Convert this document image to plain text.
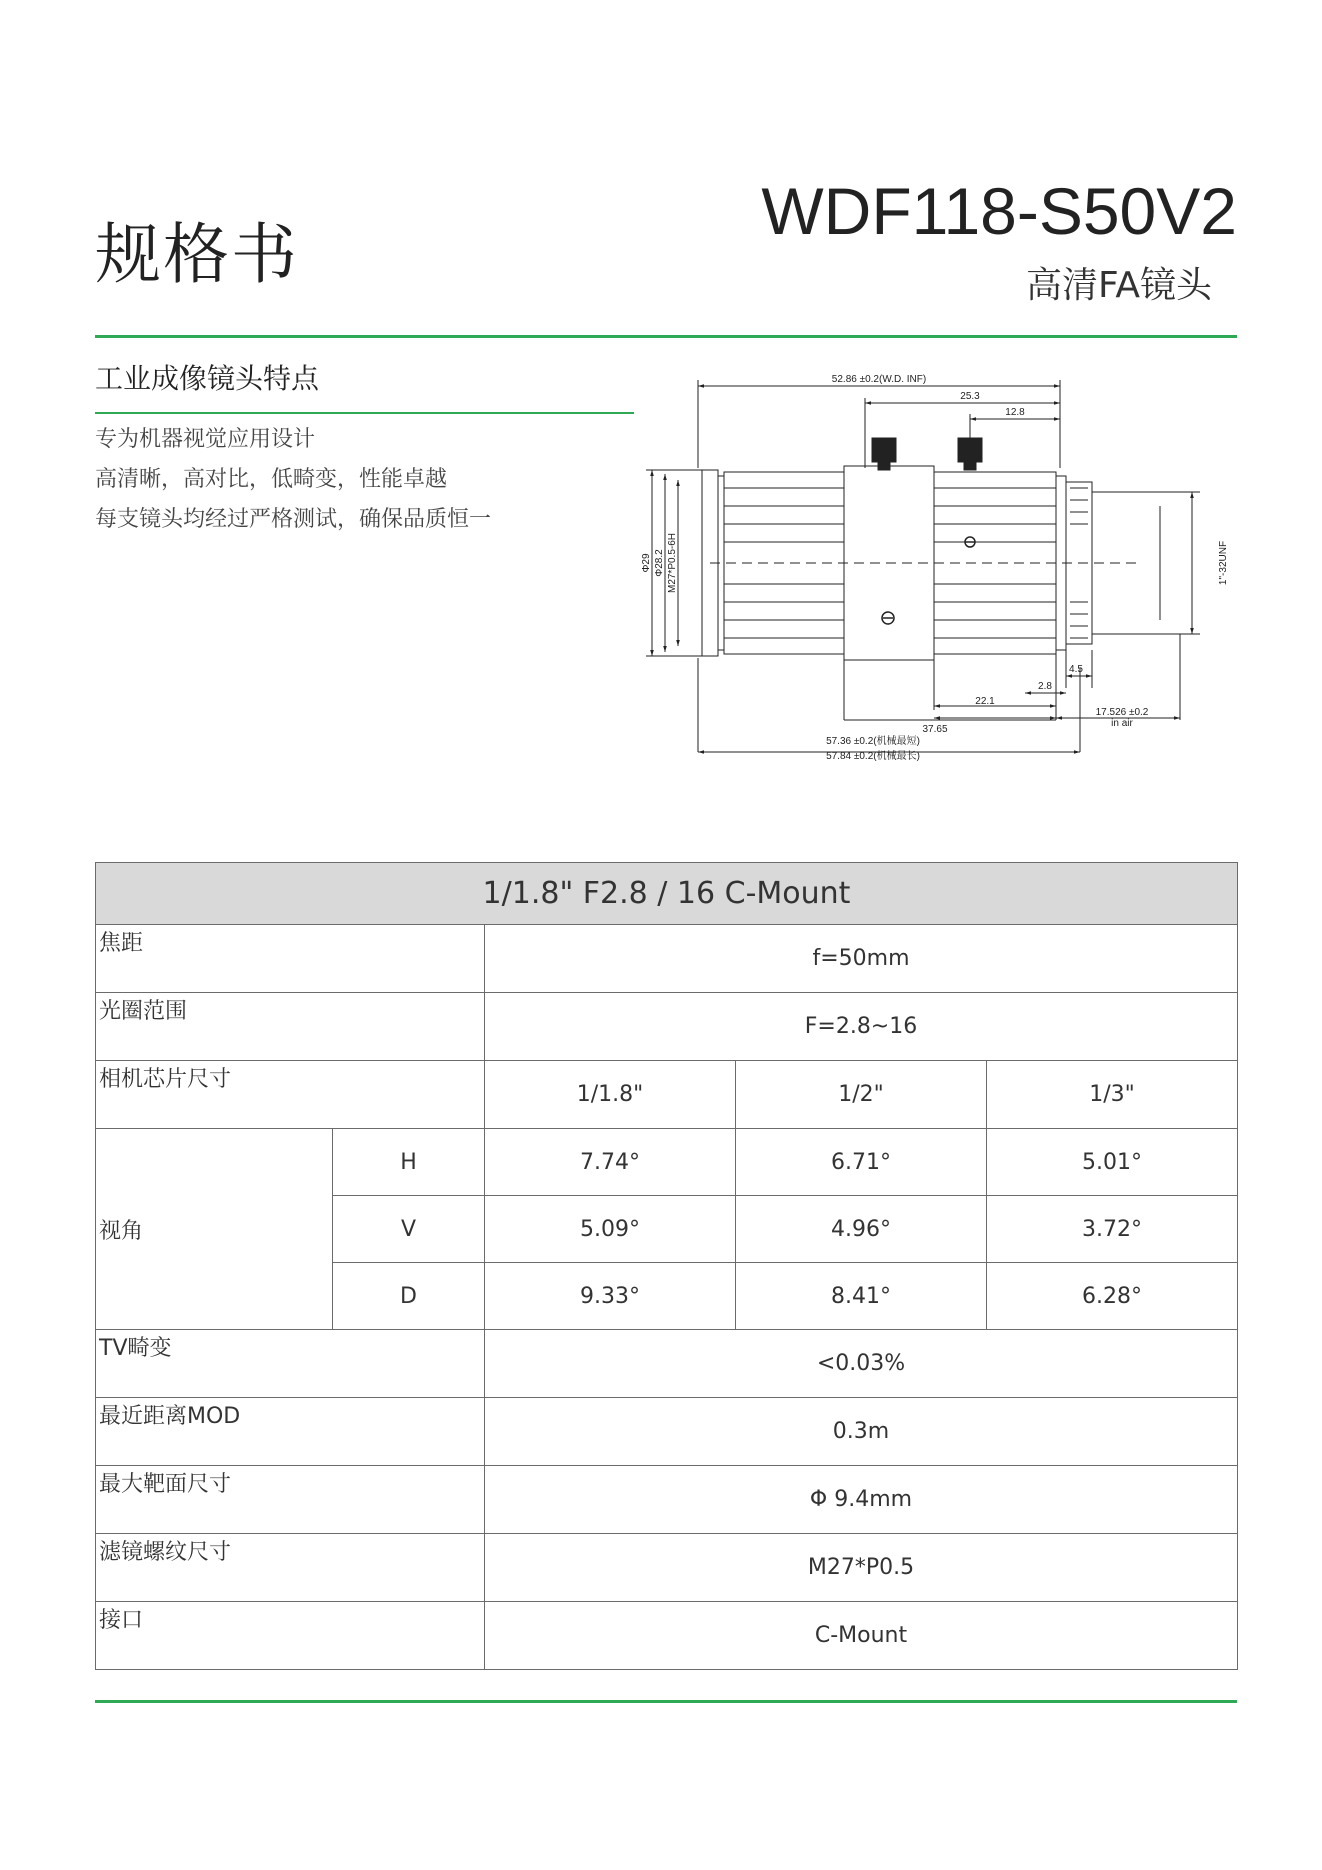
规格书
WDF118-S50V2
高清FA镜头
工业成像镜头特点
专为机器视觉应用设计
高清晰，高对比，低畸变，性能卓越
每支镜头均经过严格测试，确保品质恒一
52.86 ±0.2(W.D. INF)
25.3
12.8
Φ29 Φ28.2 M27*P0.5-6H	1"-32UNF
4.5
2.8
22.1
37.65
17.526 ±0.2
in air
57.36 ±0.2(机械最短)
57.84 ±0.2(机械最长)
1/1.8" F2.8 / 16 C-Mount				
焦距		f=50mm		
光圈范围		F=2.8~16		
相机芯片尺寸		1/1.8"	1/2"	1/3"
视角	H	7.74°	6.71°	5.01°
	V	5.09°	4.96°	3.72°
	D	9.33°	8.41°	6.28°
TV畸变		<0.03%		
最近距离MOD		0.3m		
最大靶面尺寸		Φ 9.4mm		
滤镜螺纹尺寸		M27*P0.5		
接口		C-Mount		
